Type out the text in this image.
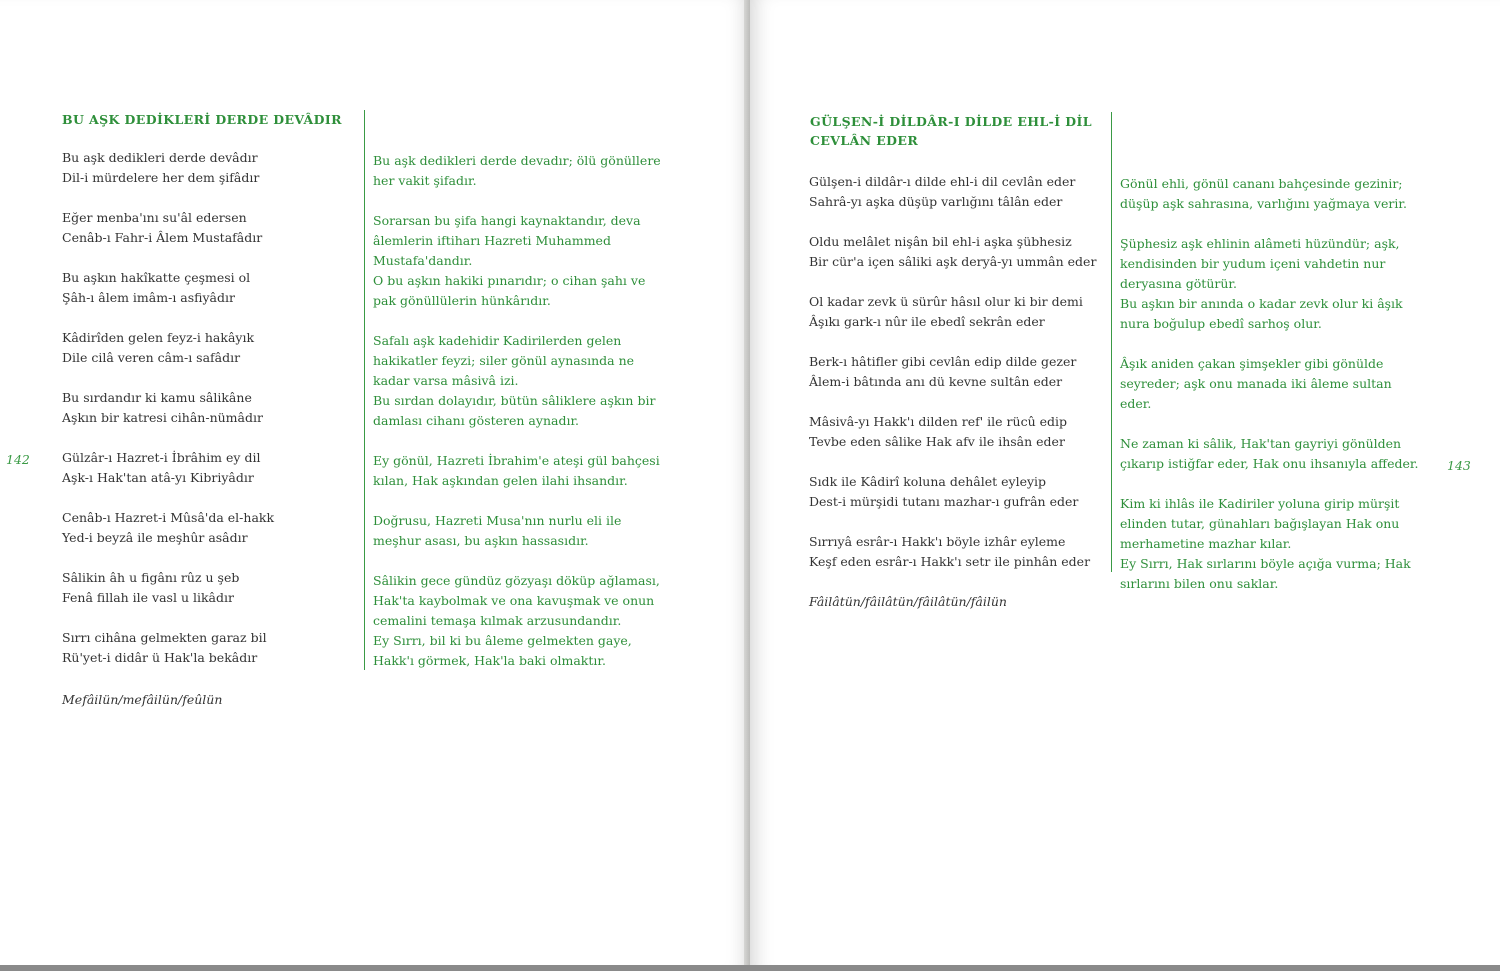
BU AŞK DEDİKLERİ DERDE DEVÂDIR
Bu aşk dedikleri derde devâdır
Dil-i mürdelere her dem şifâdır
Eğer menba'ını su'âl edersen
Cenâb-ı Fahr-i Âlem Mustafâdır
Bu aşkın hakîkatte çeşmesi ol
Şâh-ı âlem imâm-ı asfiyâdır
Kâdirîden gelen feyz-i hakâyık
Dile cilâ veren câm-ı safâdır
Bu sırdandır ki kamu sâlikâne
Aşkın bir katresi cihân-nümâdır
Gülzâr-ı Hazret-i İbrâhim ey dil
Aşk-ı Hak'tan atâ-yı Kibriyâdır
Cenâb-ı Hazret-i Mûsâ'da el-hakk
Yed-i beyzâ ile meşhûr asâdır
Sâlikin âh u figânı rûz u şeb
Fenâ fillah ile vasl u likâdır
Sırrı cihâna gelmekten garaz bil
Rü'yet-i didâr ü Hak'la bekâdır
Mefâilün/mefâilün/feûlün

Bu aşk dedikleri derde devadır; ölü gönüllere her vakit şifadır.

Sorarsan bu şifa hangi kaynaktandır, deva âlemlerin iftiharı Hazreti Muhammed Mustafa'dandır.
O bu aşkın hakiki pınarıdır; o cihan şahı ve pak gönüllülerin hünkârıdır.

Safalı aşk kadehidir Kadirilerden gelen hakikatler feyzi; siler gönül aynasında ne kadar varsa mâsivâ izi.
Bu sırdan dolayıdır, bütün sâliklere aşkın bir damlası cihanı gösteren aynadır.

Ey gönül, Hazreti İbrahim'e ateşi gül bahçesi kılan, Hak aşkından gelen ilahi ihsandır.

Doğrusu, Hazreti Musa'nın nurlu eli ile meşhur asası, bu aşkın hassasıdır.

Sâlikin gece gündüz gözyaşı döküp ağlaması, Hak'ta kaybolmak ve ona kavuşmak ve onun cemalini temaşa kılmak arzusundandır.
Ey Sırrı, bil ki bu âleme gelmekten gaye, Hakk'ı görmek, Hak'la baki olmaktır.

142
GÜLŞEN-İ DİLDÂR-I DİLDE EHL-İ DİL
CEVLÂN EDER
Gülşen-i dildâr-ı dilde ehl-i dil cevlân eder
Sahrâ-yı aşka düşüp varlığını tâlân eder
Oldu melâlet nişân bil ehl-i aşka şübhesiz
Bir cür'a içen sâliki aşk deryâ-yı ummân eder
Ol kadar zevk ü sürûr hâsıl olur ki bir demi
Âşıkı gark-ı nûr ile ebedî sekrân eder
Berk-ı hâtifler gibi cevlân edip dilde gezer
Âlem-i bâtında anı dü kevne sultân eder
Mâsivâ-yı Hakk'ı dilden ref' ile rücû edip
Tevbe eden sâlike Hak afv ile ihsân eder
Sıdk ile Kâdirî koluna dehâlet eyleyip
Dest-i mürşidi tutanı mazhar-ı gufrân eder
Sırrıyâ esrâr-ı Hakk'ı böyle izhâr eyleme
Keşf eden esrâr-ı Hakk'ı setr ile pinhân eder
Fâilâtün/fâilâtün/fâilâtün/fâilün

Gönül ehli, gönül cananı bahçesinde gezinir; düşüp aşk sahrasına, varlığını yağmaya verir.

Şüphesiz aşk ehlinin alâmeti hüzündür; aşk, kendisinden bir yudum içeni vahdetin nur deryasına götürür.
Bu aşkın bir anında o kadar zevk olur ki âşık nura boğulup ebedî sarhoş olur.

Âşık aniden çakan şimşekler gibi gönülde seyreder; aşk onu manada iki âleme sultan eder.

Ne zaman ki sâlik, Hak'tan gayriyi gönülden çıkarıp istiğfar eder, Hak onu ihsanıyla affeder.

Kim ki ihlâs ile Kadiriler yoluna girip mürşit elinden tutar, günahları bağışlayan Hak onu merhametine mazhar kılar.
Ey Sırrı, Hak sırlarını böyle açığa vurma; Hak sırlarını bilen onu saklar.

143
